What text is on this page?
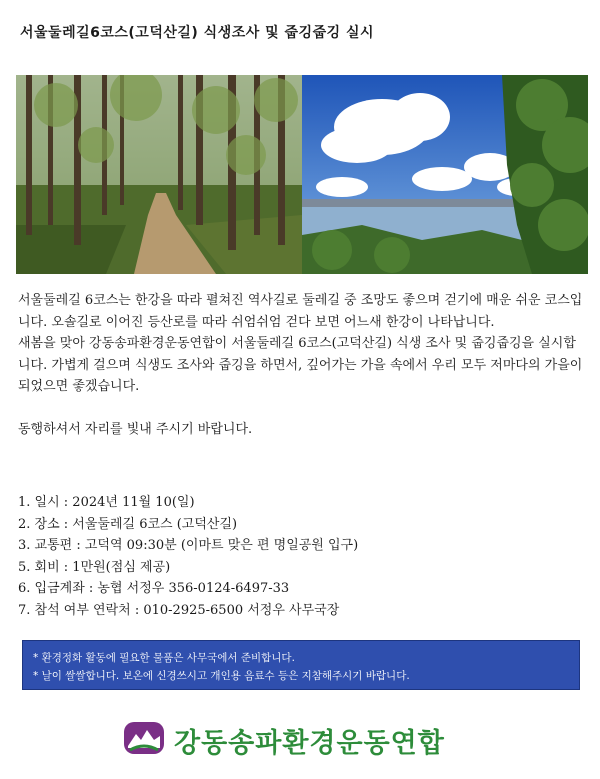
서울둘레길6코스(고덕산길) 식생조사 및 줍깅줍깅 실시

서울둘레길 6코스는 한강을 따라 펼쳐진 역사길로 둘레길 중 조망도 좋으며 걷기에 매운 쉬운 코스입니다. 오솔길로 이어진 등산로를 따라 쉬엄쉬엄 걷다 보면 어느새 한강이 나타납니다.

새봄을 맞아 강동송파환경운동연합이 서울둘레길 6코스(고덕산길) 식생 조사 및 줍깅줍깅을 실시합니다. 가볍게 걸으며 식생도 조사와 줍깅을 하면서, 깊어가는 가을 속에서 우리 모두 저마다의 가을이 되었으면 좋겠습니다.

동행하셔서 자리를 빛내 주시기 바랍니다.

1. 일시 : 2024년 11월 10(일)
2. 장소 : 서울둘레길 6코스 (고덕산길)
3. 교통편 : 고덕역 09:30분 (이마트 맞은 편 명일공원 입구)
5. 회비 : 1만원(점심 제공)
6. 입금계좌 : 농협 서정우 356-0124-6497-33
7. 참석 여부 연락처 : 010-2925-6500 서정우 사무국장
* 환경정화 활동에 필요한 물품은 사무국에서 준비합니다.
* 날이 쌀쌀합니다. 보온에 신경쓰시고 개인용 음료수 등은 지참해주시기 바랍니다.
강동송파환경운동연합
